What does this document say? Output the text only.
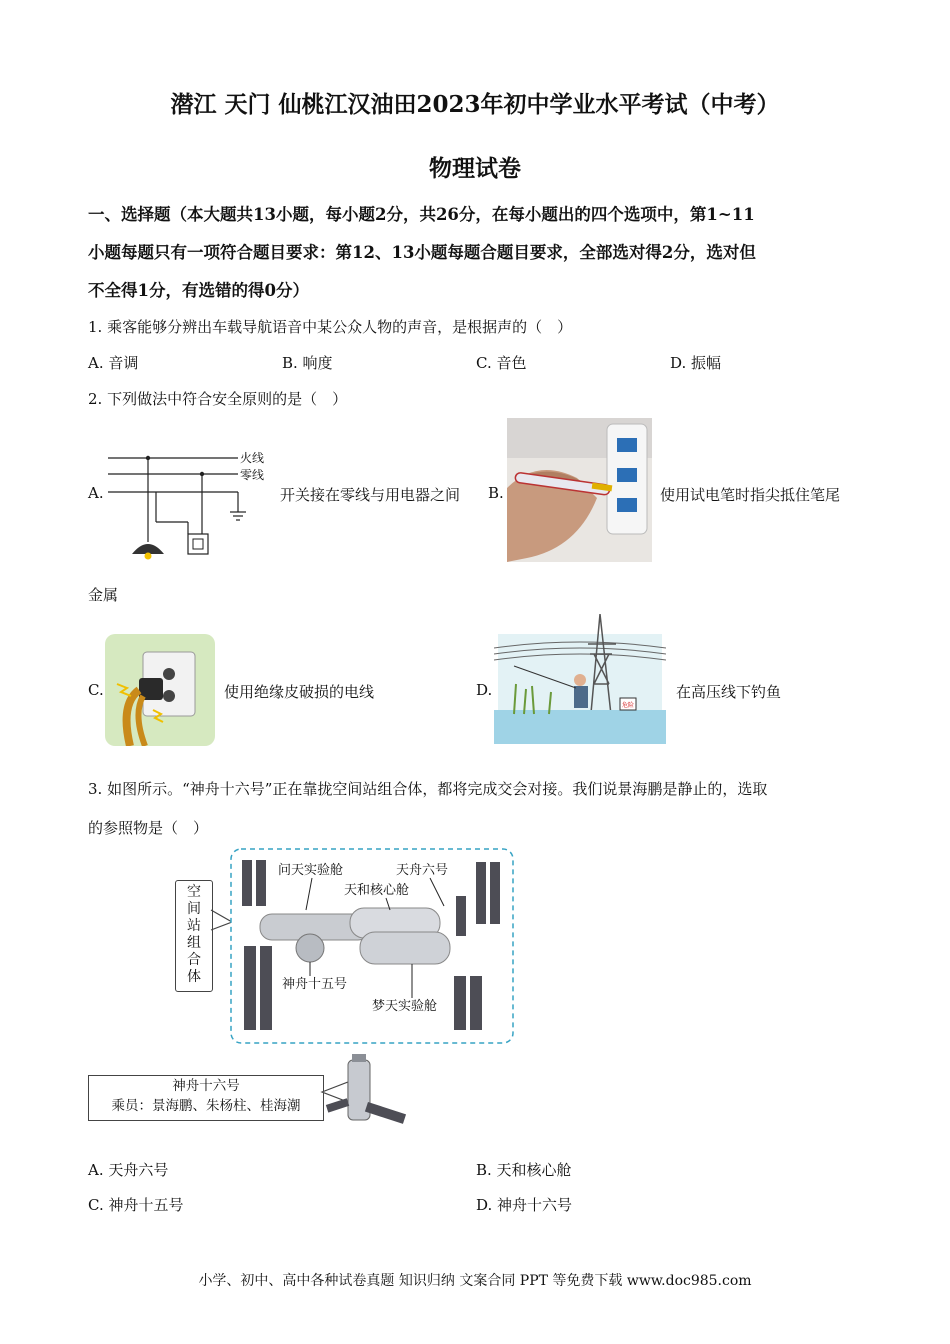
潜江 天门 仙桃江汉油田2023年初中学业水平考试（中考）
物理试卷
一、选择题（本大题共13小题，每小题2分，共26分，在每小题出的四个选项中，第1~11
小题每题只有一项符合题目要求：第12、13小题每题合题目要求，全部选对得2分，选对但
不全得1分，有选错的得0分）
1. 乘客能够分辨出车载导航语音中某公众人物的声音，是根据声的（　）
A. 音调	B. 响度	C. 音色	D. 振幅
2. 下列做法中符合安全原则的是（　）
A.
火线
零线
开关接在零线与用电器之间 B.	使用试电笔时指尖抵住笔尾
金属
C.	使用绝缘皮破损的电线	D.
危险
在高压线下钓鱼
3. 如图所示。“神舟十六号”正在靠拢空间站组合体，都将完成交会对接。我们说景海鹏是静止的，选取
的参照物是（　）
空
间
站
组
合
体
问天实验舱	天舟六号
天和核心舱
神舟十五号
梦天实验舱
神舟十六号
乘员：景海鹏、朱杨柱、桂海潮
A. 天舟六号	B. 天和核心舱
C. 神舟十五号	D. 神舟十六号
小学、初中、高中各种试卷真题 知识归纳 文案合同 PPT 等免费下载 www.doc985.com
